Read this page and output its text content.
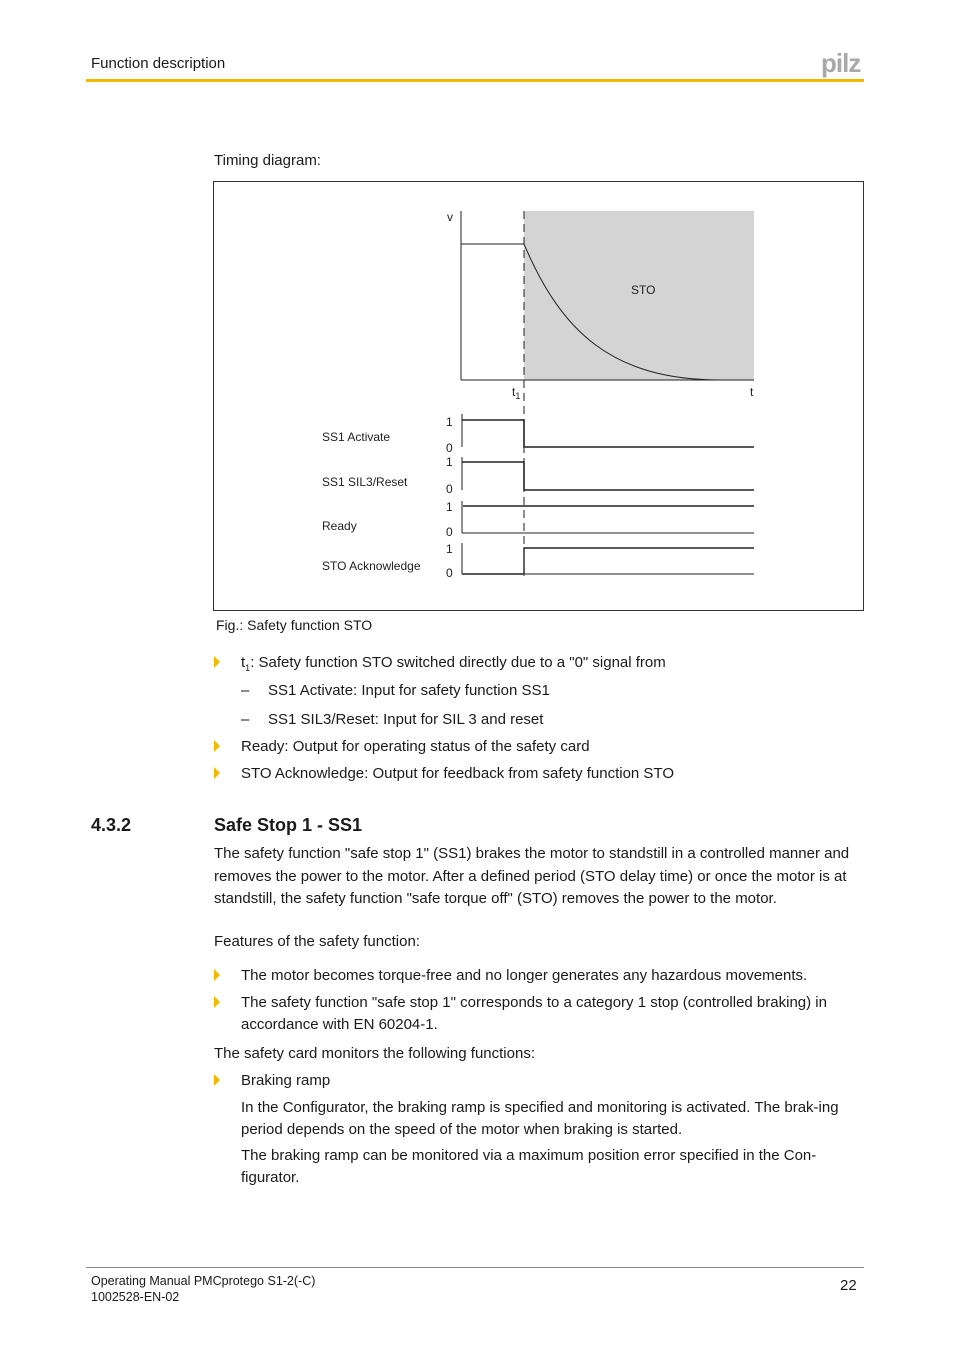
Function description	pilz
Timing diagram:
v
t
$t_1$
STO
SS1 Activate
1
0
SS1 SIL3/Reset
1
0
Ready
1
0
STO Acknowledge
1
0
Fig.: Safety function STO
$t_1$: Safety function STO switched directly due to a "0" signal from
– SS1 Activate: Input for safety function SS1
– SS1 SIL3/Reset: Input for SIL 3 and reset
Ready: Output for operating status of the safety card
STO Acknowledge: Output for feedback from safety function STO
4.3.2	Safe Stop 1 - SS1
The safety function "safe stop 1" (SS1) brakes the motor to standstill in a controlled manner and removes the power to the motor. After a defined period (STO delay time) or once the motor is at standstill, the safety function "safe torque off" (STO) removes the power to the motor.
Features of the safety function:
The motor becomes torque-free and no longer generates any hazardous movements.
The safety function "safe stop 1" corresponds to a category 1 stop (controlled braking) in accordance with EN 60204-1.
The safety card monitors the following functions:
Braking ramp
In the Configurator, the braking ramp is specified and monitoring is activated. The brak-ing period depends on the speed of the motor when braking is started.
The braking ramp can be monitored via a maximum position error specified in the Con-figurator.
Operating Manual PMCprotego S1-2(-C)
1002528-EN-02
22
